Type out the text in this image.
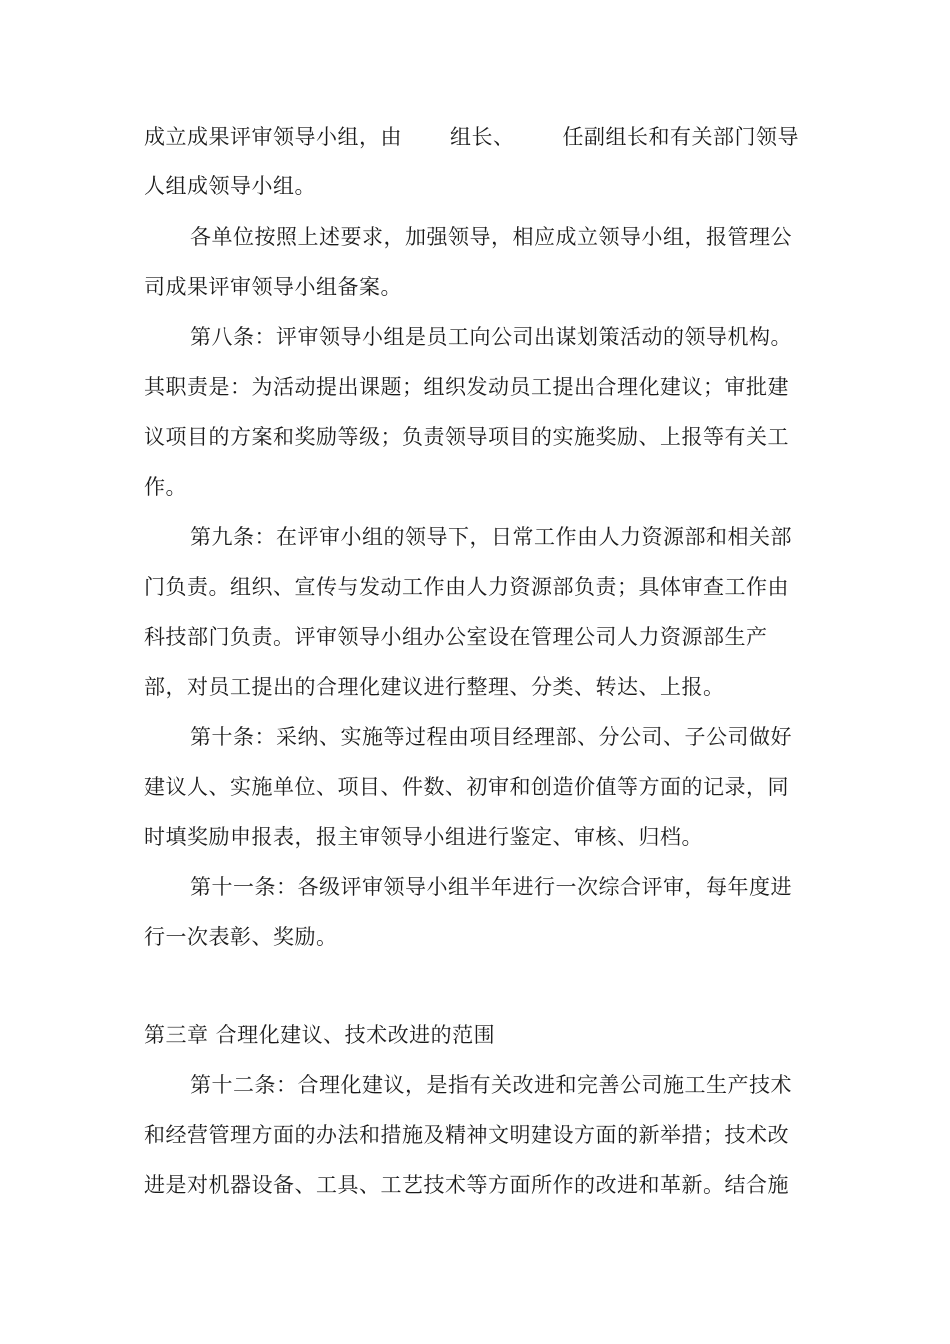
成立成果评审领导小组，由 组长、 任副组长和有关部门领导
人组成领导小组。
各单位按照上述要求，加强领导，相应成立领导小组，报管理公
司成果评审领导小组备案。
第八条：评审领导小组是员工向公司出谋划策活动的领导机构。
其职责是：为活动提出课题；组织发动员工提出合理化建议；审批建
议项目的方案和奖励等级；负责领导项目的实施奖励、上报等有关工
作。
第九条：在评审小组的领导下，日常工作由人力资源部和相关部
门负责。组织、宣传与发动工作由人力资源部负责；具体审查工作由
科技部门负责。评审领导小组办公室设在管理公司人力资源部生产
部，对员工提出的合理化建议进行整理、分类、转达、上报。
第十条：采纳、实施等过程由项目经理部、分公司、子公司做好
建议人、实施单位、项目、件数、初审和创造价值等方面的记录，同
时填奖励申报表，报主审领导小组进行鉴定、审核、归档。
第十一条：各级评审领导小组半年进行一次综合评审，每年度进
行一次表彰、奖励。
第三章 合理化建议、技术改进的范围
第十二条：合理化建议，是指有关改进和完善公司施工生产技术
和经营管理方面的办法和措施及精神文明建设方面的新举措；技术改
进是对机器设备、工具、工艺技术等方面所作的改进和革新。结合施
